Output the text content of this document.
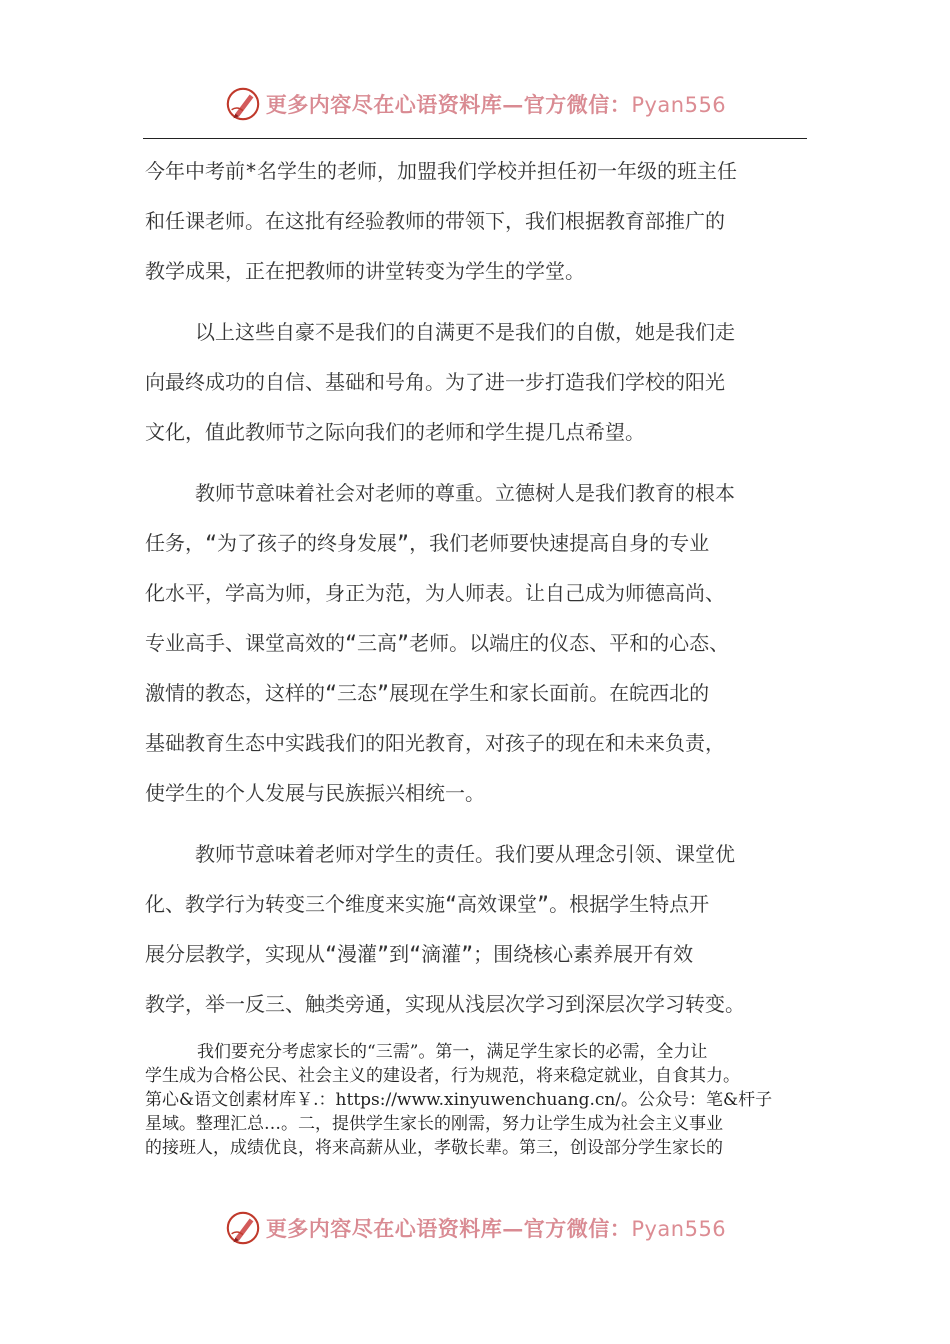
更多内容尽在心语资料库—官方微信：Pyan556
今年中考前*名学生的老师，加盟我们学校并担任初一年级的班主任
和任课老师。在这批有经验教师的带领下，我们根据教育部推广的
教学成果，正在把教师的讲堂转变为学生的学堂。
以上这些自豪不是我们的自满更不是我们的自傲，她是我们走
向最终成功的自信、基础和号角。为了进一步打造我们学校的阳光
文化，值此教师节之际向我们的老师和学生提几点希望。
教师节意味着社会对老师的尊重。立德树人是我们教育的根本
任务，“为了孩子的终身发展”，我们老师要快速提高自身的专业
化水平，学高为师，身正为范，为人师表。让自己成为师德高尚、
专业高手、课堂高效的“三高”老师。以端庄的仪态、平和的心态、
激情的教态，这样的“三态”展现在学生和家长面前。在皖西北的
基础教育生态中实践我们的阳光教育，对孩子的现在和未来负责，
使学生的个人发展与民族振兴相统一。
教师节意味着老师对学生的责任。我们要从理念引领、课堂优
化、教学行为转变三个维度来实施“高效课堂”。根据学生特点开
展分层教学，实现从“漫灌”到“滴灌”；围绕核心素养展开有效
教学，举一反三、触类旁通，实现从浅层次学习到深层次学习转变。
我们要充分考虑家长的“三需”。第一，满足学生家长的必需，全力让
学生成为合格公民、社会主义的建设者，行为规范，将来稳定就业，自食其力。
第心&语文创素材库￥.：https://www.xinyuwenchuang.cn/。公众号：笔&杆子
星域。整理汇总…。二，提供学生家长的刚需，努力让学生成为社会主义事业
的接班人，成绩优良，将来高薪从业，孝敬长辈。第三，创设部分学生家长的
更多内容尽在心语资料库—官方微信：Pyan556
